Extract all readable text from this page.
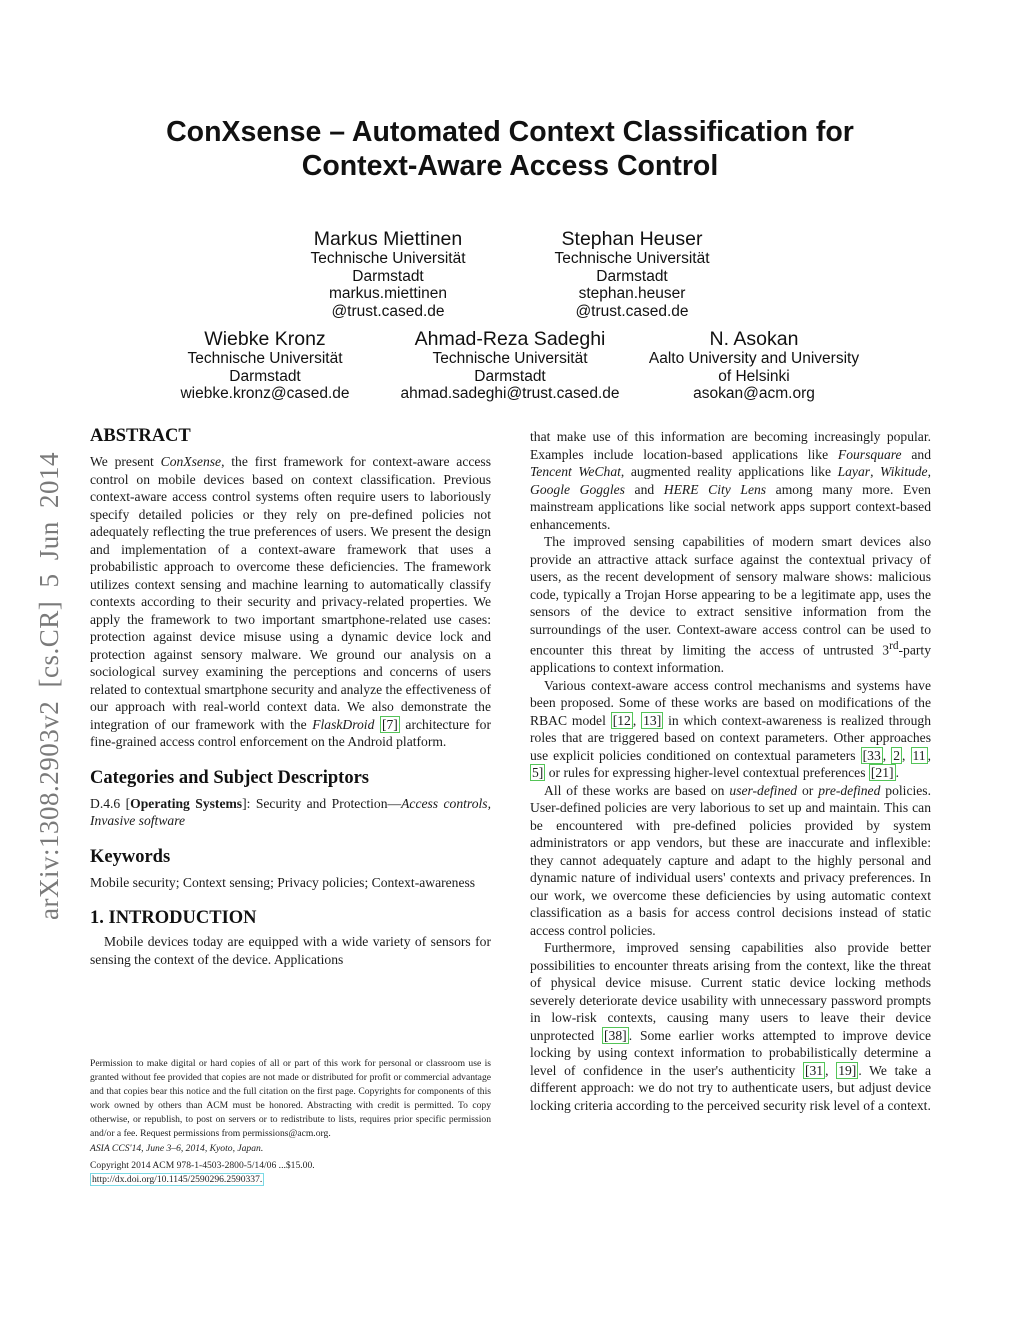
arXiv:1308.2903v2 [cs.CR] 5 Jun 2014
ConXsense – Automated Context Classification for
Context-Aware Access Control
Markus Miettinen
Technische Universität
Darmstadt
markus.miettinen
@trust.cased.de
Stephan Heuser
Technische Universität
Darmstadt
stephan.heuser
@trust.cased.de
Wiebke Kronz
Technische Universität
Darmstadt
wiebke.kronz@cased.de
Ahmad-Reza Sadeghi
Technische Universität
Darmstadt
ahmad.sadeghi@trust.cased.de
N. Asokan
Aalto University and University
of Helsinki
asokan@acm.org
ABSTRACT

We present ConXsense, the first framework for context-aware access control on mobile devices based on context classification. Previous context-aware access control systems often require users to laboriously specify detailed policies or they rely on pre-defined policies not adequately reflecting the true preferences of users. We present the design and implementation of a context-aware framework that uses a probabilistic approach to overcome these deficiencies. The framework utilizes context sensing and machine learning to automatically classify contexts according to their security and privacy-related properties. We apply the framework to two important smartphone-related use cases: protection against device misuse using a dynamic device lock and protection against sensory malware. We ground our analysis on a sociological survey examining the perceptions and concerns of users related to contextual smartphone security and analyze the effectiveness of our approach with real-world context data. We also demonstrate the integration of our framework with the FlaskDroid [7] architecture for fine-grained access control enforcement on the Android platform.

Categories and Subject Descriptors

D.4.6 [Operating Systems]: Security and Protection—Access controls, Invasive software

Keywords

Mobile security; Context sensing; Privacy policies; Context-awareness

1. INTRODUCTION

Mobile devices today are equipped with a wide variety of sensors for sensing the context of the device. Applications

Permission to make digital or hard copies of all or part of this work for personal or classroom use is granted without fee provided that copies are not made or distributed for profit or commercial advantage and that copies bear this notice and the full citation on the first page. Copyrights for components of this work owned by others than ACM must be honored. Abstracting with credit is permitted. To copy otherwise, or republish, to post on servers or to redistribute to lists, requires prior specific permission and/or a fee. Request permissions from permissions@acm.org.

ASIA CCS'14, June 3–6, 2014, Kyoto, Japan.

Copyright 2014 ACM 978-1-4503-2800-5/14/06 ...$15.00.

http://dx.doi.org/10.1145/2590296.2590337.

that make use of this information are becoming increasingly popular. Examples include location-based applications like Foursquare and Tencent WeChat, augmented reality applications like Layar, Wikitude, Google Goggles and HERE City Lens among many more. Even mainstream applications like social network apps support context-based enhancements.

The improved sensing capabilities of modern smart devices also provide an attractive attack surface against the contextual privacy of users, as the recent development of sensory malware shows: malicious code, typically a Trojan Horse appearing to be a legitimate app, uses the sensors of the device to extract sensitive information from the surroundings of the user. Context-aware access control can be used to encounter this threat by limiting the access of untrusted 3rd-party applications to context information.

Various context-aware access control mechanisms and systems have been proposed. Some of these works are based on modifications of the RBAC model [12 , 13] in which context-awareness is realized through roles that are triggered based on context parameters. Other approaches use explicit policies conditioned on contextual parameters [33 , 2 , 11 , 5] or rules for expressing higher-level contextual preferences [21] .

All of these works are based on user-defined or pre-defined policies. User-defined policies are very laborious to set up and maintain. This can be encountered with pre-defined policies provided by system administrators or app vendors, but these are inaccurate and inflexible: they cannot adequately capture and adapt to the highly personal and dynamic nature of individual users' contexts and privacy preferences. In our work, we overcome these deficiencies by using automatic context classification as a basis for access control decisions instead of static access control policies.

Furthermore, improved sensing capabilities also provide better possibilities to encounter threats arising from the context, like the threat of physical device misuse. Current static device locking methods severely deteriorate device usability with unnecessary password prompts in low-risk contexts, causing many users to leave their device unprotected [38] . Some earlier works attempted to improve device locking by using context information to probabilistically determine a level of confidence in the user's authenticity [31 , 19] . We take a different approach: we do not try to authenticate users, but adjust device locking criteria according to the perceived security risk level of a context.
